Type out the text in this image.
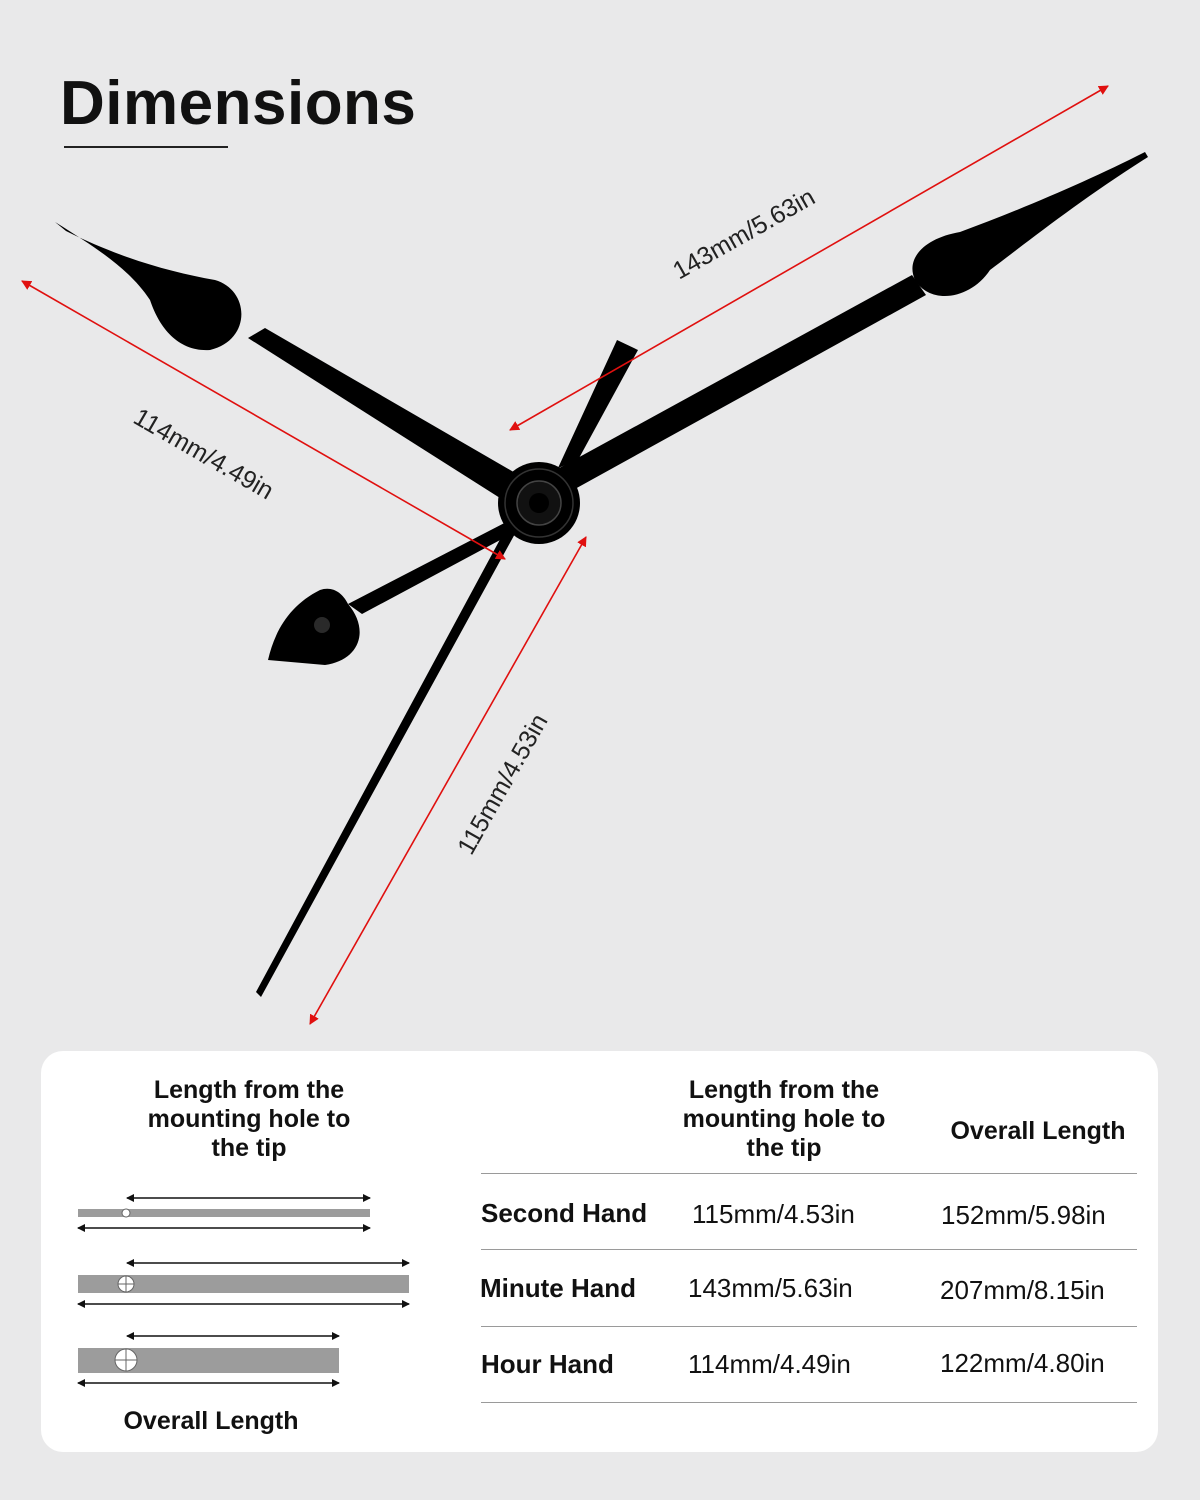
Dimensions
143mm/5.63in
114mm/4.49in
115mm/4.53in
Length from the mounting hole to the tip
Overall Length
Length from the mounting hole to the tip
Overall Length
Second Hand 115mm/4.53in	152mm/5.98in
Minute Hand 143mm/5.63in	207mm/8.15in
Hour Hand	114mm/4.49in	122mm/4.80in
